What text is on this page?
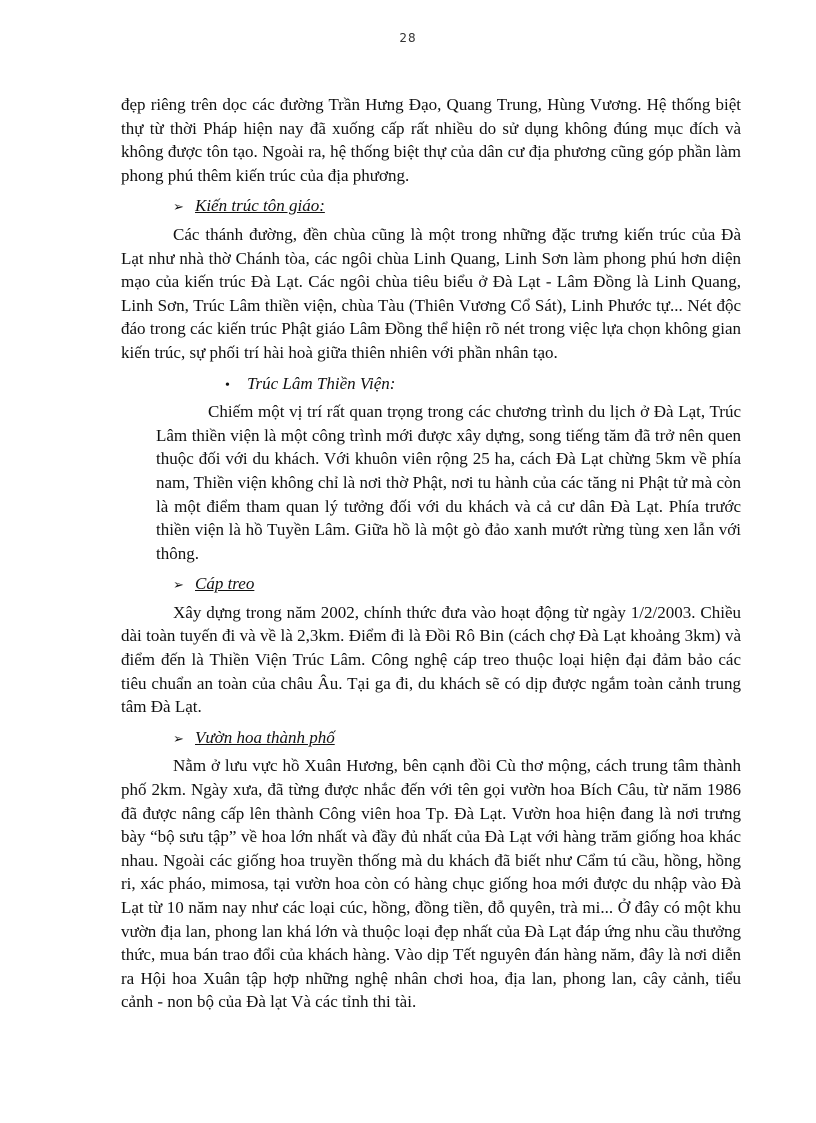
28

đẹp riêng trên dọc các đường Trần Hưng Đạo, Quang Trung, Hùng Vương. Hệ thống biệt thự từ thời Pháp hiện nay đã xuống cấp rất nhiều do sử dụng không đúng mục đích và không được tôn tạo. Ngoài ra, hệ thống biệt thự của dân cư địa phương cũng góp phần làm phong phú thêm kiến trúc của địa phương.

➢ Kiến trúc tôn giáo:

Các thánh đường, đền chùa cũng là một trong những đặc trưng kiến trúc của Đà Lạt như nhà thờ Chánh tòa, các ngôi chùa Linh Quang, Linh Sơn làm phong phú hơn diện mạo của kiến trúc Đà Lạt. Các ngôi chùa tiêu biểu ở Đà Lạt - Lâm Đồng là Linh Quang, Linh Sơn, Trúc Lâm thiền viện, chùa Tàu (Thiên Vương Cổ Sát), Linh Phước tự... Nét độc đáo trong các kiến trúc Phật giáo Lâm Đồng thể hiện rõ nét trong việc lựa chọn không gian kiến trúc, sự phối trí hài hoà giữa thiên nhiên với phần nhân tạo.

•	Trúc Lâm Thiền Viện:

Chiếm một vị trí rất quan trọng trong các chương trình du lịch ở Đà Lạt, Trúc Lâm thiền viện là một công trình mới được xây dựng, song tiếng tăm đã trở nên quen thuộc đối với du khách. Với khuôn viên rộng 25 ha, cách Đà Lạt chừng 5km về phía nam, Thiền viện không chỉ là nơi thờ Phật, nơi tu hành của các tăng ni Phật tử mà còn là một điểm tham quan lý tưởng đối với du khách và cả cư dân Đà Lạt. Phía trước thiền viện là hồ Tuyền Lâm. Giữa hồ là một gò đảo xanh mướt rừng tùng xen lẫn với thông.

➢ Cáp treo

Xây dựng trong năm 2002, chính thức đưa vào hoạt động từ ngày 1/2/2003. Chiều dài toàn tuyến đi và về là 2,3km. Điểm đi là Đồi Rô Bin (cách chợ Đà Lạt khoảng 3km) và điểm đến là Thiền Viện Trúc Lâm. Công nghệ cáp treo thuộc loại hiện đại đảm bảo các tiêu chuẩn an toàn của châu Âu. Tại ga đi, du khách sẽ có dịp được ngắm toàn cảnh trung tâm Đà Lạt.

➢ Vườn hoa thành phố

Nằm ở lưu vực hồ Xuân Hương, bên cạnh đồi Cù thơ mộng, cách trung tâm thành phố 2km. Ngày xưa, đã từng được nhắc đến với tên gọi vườn hoa Bích Câu, từ năm 1986 đã được nâng cấp lên thành Công viên hoa Tp. Đà Lạt. Vườn hoa hiện đang là nơi trưng bày “bộ sưu tập” về hoa lớn nhất và đầy đủ nhất của Đà Lạt với hàng trăm giống hoa khác nhau. Ngoài các giống hoa truyền thống mà du khách đã biết như Cẩm tú cầu, hồng, hồng ri, xác pháo, mimosa, tại vườn hoa còn có hàng chục giống hoa mới được du nhập vào Đà Lạt từ 10 năm nay như các loại cúc, hồng, đồng tiền, đỗ quyên, trà mi... Ở đây có một khu vườn địa lan, phong lan khá lớn và thuộc loại đẹp nhất của Đà Lạt đáp ứng nhu cầu thưởng thức, mua bán trao đổi của khách hàng. Vào dịp Tết nguyên đán hàng năm, đây là nơi diễn ra Hội hoa Xuân tập hợp những nghệ nhân chơi hoa, địa lan, phong lan, cây cảnh, tiểu cảnh - non bộ của Đà lạt Và các tỉnh thi tài.
